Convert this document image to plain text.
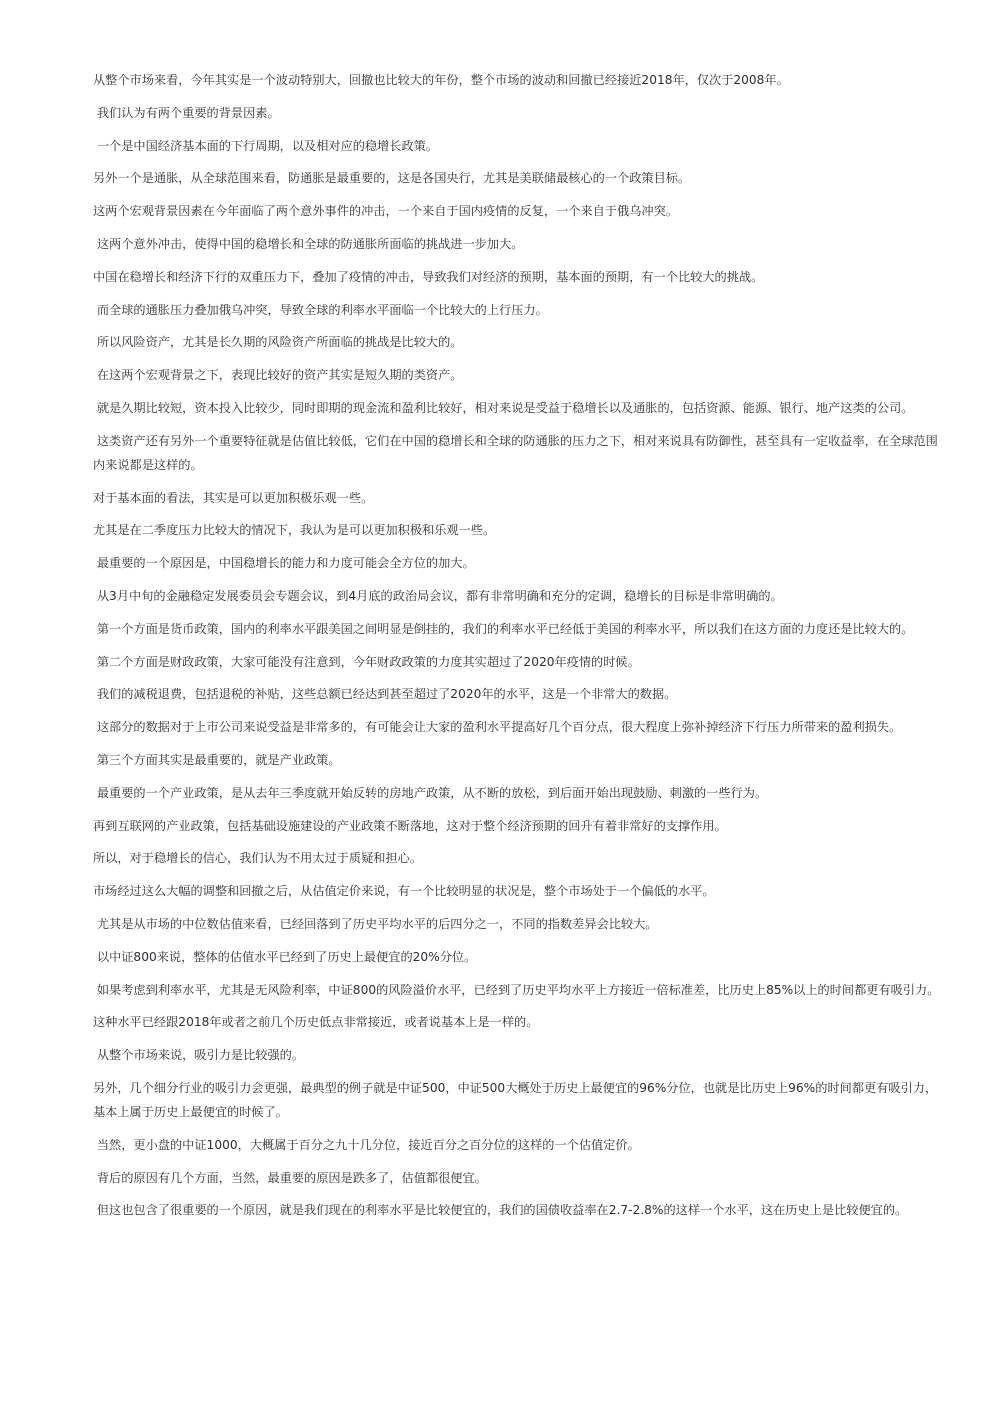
从整个市场来看，今年其实是一个波动特别大，回撤也比较大的年份，整个市场的波动和回撤已经接近2018年，仅次于2008年。

我们认为有两个重要的背景因素。

一个是中国经济基本面的下行周期，以及相对应的稳增长政策。

另外一个是通胀，从全球范围来看，防通胀是最重要的，这是各国央行，尤其是美联储最核心的一个政策目标。

这两个宏观背景因素在今年面临了两个意外事件的冲击，一个来自于国内疫情的反复，一个来自于俄乌冲突。

这两个意外冲击，使得中国的稳增长和全球的防通胀所面临的挑战进一步加大。

中国在稳增长和经济下行的双重压力下，叠加了疫情的冲击，导致我们对经济的预期，基本面的预期，有一个比较大的挑战。

而全球的通胀压力叠加俄乌冲突，导致全球的利率水平面临一个比较大的上行压力。

所以风险资产，尤其是长久期的风险资产所面临的挑战是比较大的。

在这两个宏观背景之下，表现比较好的资产其实是短久期的类资产。

就是久期比较短，资本投入比较少，同时即期的现金流和盈利比较好，相对来说是受益于稳增长以及通胀的，包括资源、能源、银行、地产这类的公司。

这类资产还有另外一个重要特征就是估值比较低，它们在中国的稳增长和全球的防通胀的压力之下，相对来说具有防御性，甚至具有一定收益率，在全球范围内来说都是这样的。

对于基本面的看法，其实是可以更加积极乐观一些。

尤其是在二季度压力比较大的情况下，我认为是可以更加积极和乐观一些。

最重要的一个原因是，中国稳增长的能力和力度可能会全方位的加大。

从3月中旬的金融稳定发展委员会专题会议，到4月底的政治局会议，都有非常明确和充分的定调，稳增长的目标是非常明确的。

第一个方面是货币政策，国内的利率水平跟美国之间明显是倒挂的，我们的利率水平已经低于美国的利率水平，所以我们在这方面的力度还是比较大的。

第二个方面是财政政策，大家可能没有注意到，今年财政政策的力度其实超过了2020年疫情的时候。

我们的减税退费，包括退税的补贴，这些总额已经达到甚至超过了2020年的水平，这是一个非常大的数据。

这部分的数据对于上市公司来说受益是非常多的，有可能会让大家的盈利水平提高好几个百分点，很大程度上弥补掉经济下行压力所带来的盈利损失。

第三个方面其实是最重要的，就是产业政策。

最重要的一个产业政策，是从去年三季度就开始反转的房地产政策，从不断的放松，到后面开始出现鼓励、刺激的一些行为。

再到互联网的产业政策，包括基础设施建设的产业政策不断落地，这对于整个经济预期的回升有着非常好的支撑作用。

所以，对于稳增长的信心，我们认为不用太过于质疑和担心。

市场经过这么大幅的调整和回撤之后，从估值定价来说，有一个比较明显的状况是，整个市场处于一个偏低的水平。

尤其是从市场的中位数估值来看，已经回落到了历史平均水平的后四分之一，不同的指数差异会比较大。

以中证800来说，整体的估值水平已经到了历史上最便宜的20%分位。

如果考虑到利率水平，尤其是无风险利率，中证800的风险溢价水平，已经到了历史平均水平上方接近一倍标准差，比历史上85%以上的时间都更有吸引力。

这种水平已经跟2018年或者之前几个历史低点非常接近，或者说基本上是一样的。

从整个市场来说，吸引力是比较强的。

另外，几个细分行业的吸引力会更强，最典型的例子就是中证500，中证500大概处于历史上最便宜的96%分位，也就是比历史上96%的时间都更有吸引力，基本上属于历史上最便宜的时候了。

当然，更小盘的中证1000，大概属于百分之九十几分位，接近百分之百分位的这样的一个估值定价。

背后的原因有几个方面，当然，最重要的原因是跌多了，估值都很便宜。

但这也包含了很重要的一个原因，就是我们现在的利率水平是比较便宜的，我们的国债收益率在2.7-2.8%的这样一个水平，这在历史上是比较便宜的。
